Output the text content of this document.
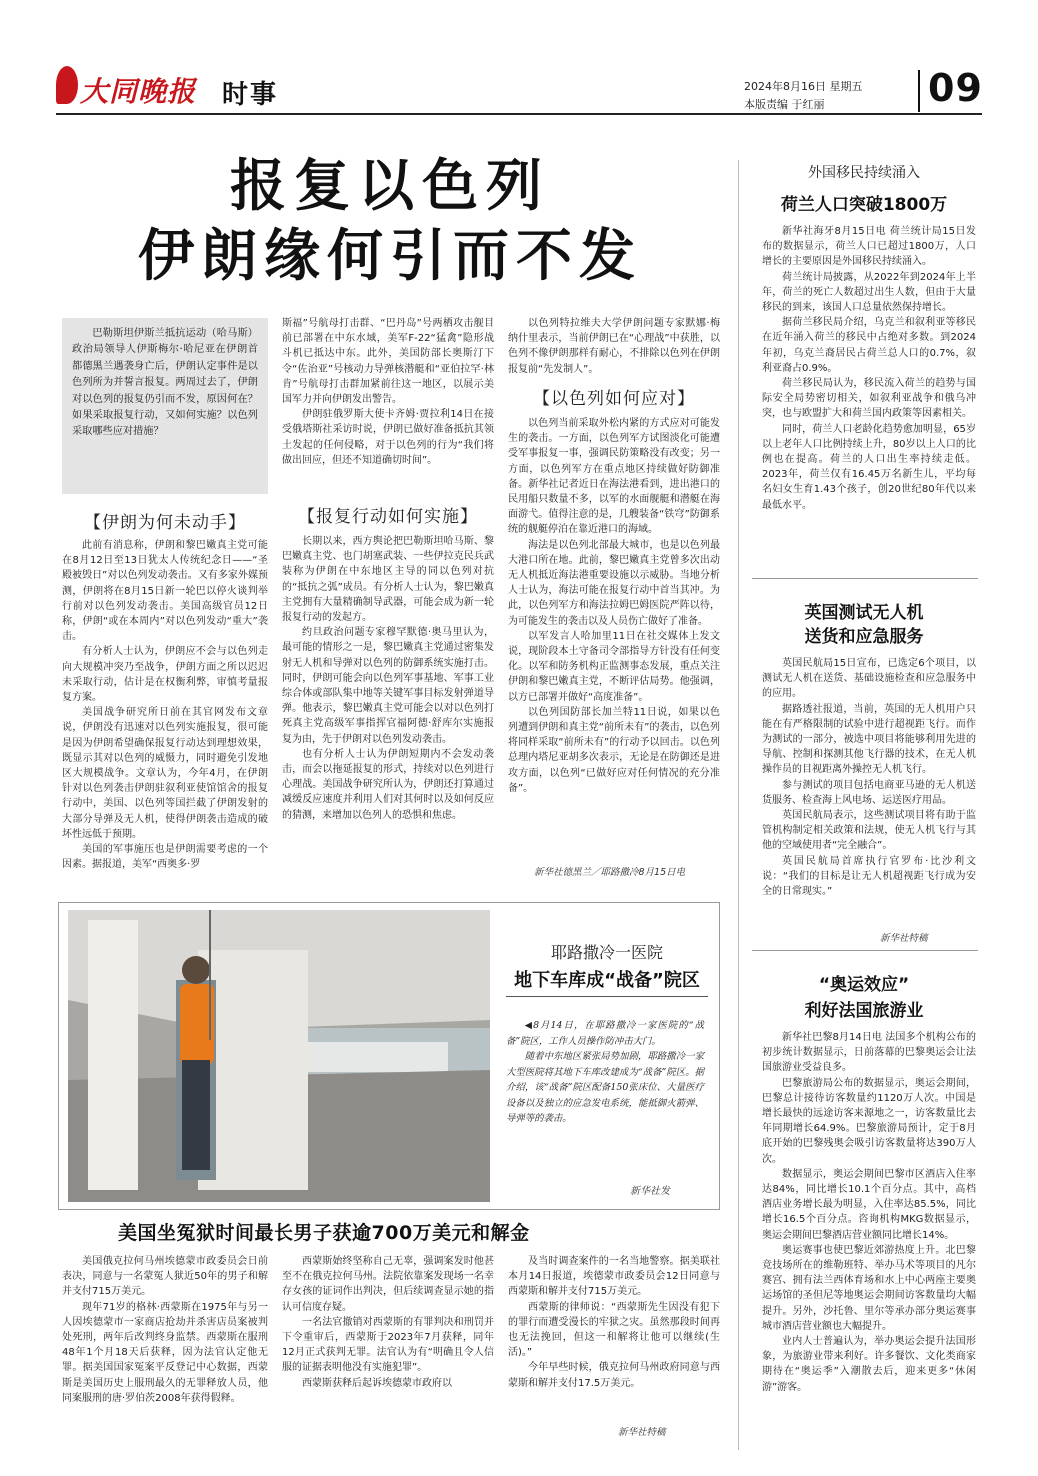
大同晚报 时事	2024年8月16日 星期五
本版责编 于红丽	09
报复以色列
伊朗缘何引而不发
巴勒斯坦伊斯兰抵抗运动（哈马斯）政治局领导人伊斯梅尔·哈尼亚在伊朗首都德黑兰遇袭身亡后，伊朗认定事件是以色列所为并誓言报复。两周过去了，伊朗对以色列的报复仍引而不发，原因何在？如果采取报复行动，又如何实施？以色列采取哪些应对措施？
【 伊朗为何未动手 】

此前有消息称，伊朗和黎巴嫩真主党可能在8月12日至13日犹太人传统纪念日——“圣殿被毁日”对以色列发动袭击。又有多家外媒预测，伊朗将在8月15日新一轮巴以停火谈判举行前对以色列发动袭击。美国高级官员12日称，伊朗“或在本周内”对以色列发动“重大”袭击。

有分析人士认为，伊朗应不会与以色列走向大规模冲突乃至战争，伊朗方面之所以迟迟未采取行动，估计是在权衡利弊，审慎考量报复方案。

美国战争研究所日前在其官网发布文章说，伊朗没有迅速对以色列实施报复，很可能是因为伊朗希望确保报复行动达到理想效果，既显示其对以色列的威慑力，同时避免引发地区大规模战争。文章认为，今年4月，在伊朗针对以色列袭击伊朗驻叙利亚使馆馆舍的报复行动中，美国、以色列等国拦截了伊朗发射的大部分导弹及无人机，使得伊朗袭击造成的破坏性远低于预期。

美国的军事施压也是伊朗需要考虑的一个因素。据报道，美军“西奥多·罗

斯福”号航母打击群、“巴丹岛”号两栖攻击舰目前已部署在中东水域，美军F-22“猛禽”隐形战斗机已抵达中东。此外，美国防部长奥斯汀下令“佐治亚”号核动力导弹核潜艇和“亚伯拉罕·林肯”号航母打击群加紧前往这一地区，以展示美国军力并向伊朗发出警告。

伊朗驻俄罗斯大使卡齐姆·贾拉利14日在接受俄塔斯社采访时说，伊朗已做好准备抵抗其领土发起的任何侵略，对于以色列的行为“我们将做出回应，但还不知道确切时间”。

【 报复行动如何实施 】

长期以来，西方舆论把巴勒斯坦哈马斯、黎巴嫩真主党、也门胡塞武装、一些伊拉克民兵武装称为伊朗在中东地区主导的同以色列对抗的“抵抗之弧”成员。有分析人士认为，黎巴嫩真主党拥有大量精确制导武器，可能会成为新一轮报复行动的发起方。

约旦政治问题专家穆罕默德·奥马里认为，最可能的情形之一是，黎巴嫩真主党通过密集发射无人机和导弹对以色列的防御系统实施打击。同时，伊朗可能会向以色列军事基地、军事工业综合体或部队集中地等关键军事目标发射弹道导弹。他表示，黎巴嫩真主党可能会以对以色列打死真主党高级军事指挥官福阿德·舒库尔实施报复为由，先于伊朗对以色列发动袭击。

也有分析人士认为伊朗短期内不会发动袭击，而会以拖延报复的形式，持续对以色列进行心理战。美国战争研究所认为，伊朗还打算通过减缓反应速度并利用人们对其何时以及如何反应的猜测，来增加以色列人的恐惧和焦虑。

以色列特拉维夫大学伊朗问题专家默娜·梅纳什里表示，当前伊朗已在“心理战”中获胜，以色列不像伊朗那样有耐心，不排除以色列在伊朗报复前“先发制人”。

【 以色列如何应对 】

以色列当前采取外松内紧的方式应对可能发生的袭击。一方面，以色列军方试图淡化可能遭受军事报复一事，强调民防策略没有改变；另一方面，以色列军方在重点地区持续做好防御准备。新华社记者近日在海法港看到，进出港口的民用船只数量不多，以军的水面舰艇和潜艇在海面游弋。值得注意的是，几艘装备“铁穹”防御系统的舰艇停泊在靠近港口的海域。

海法是以色列北部最大城市，也是以色列最大港口所在地。此前，黎巴嫩真主党曾多次出动无人机抵近海法港重要设施以示威胁。当地分析人士认为，海法可能在报复行动中首当其冲。为此，以色列军方和海法拉姆巴姆医院严阵以待，为可能发生的袭击以及人员伤亡做好了准备。

以军发言人哈加里11日在社交媒体上发文说，现阶段本土守备司令部指导方针没有任何变化。以军和防务机构正监测事态发展，重点关注伊朗和黎巴嫩真主党，不断评估局势。他强调，以方已部署并做好“高度准备”。

以色列国防部长加兰特11日说，如果以色列遭到伊朗和真主党“前所未有”的袭击，以色列将同样采取“前所未有”的行动予以回击。以色列总理内塔尼亚胡多次表示，无论是在防御还是进攻方面，以色列“已做好应对任何情况的充分准备”。

新华社德黑兰／耶路撒冷8月15日电
耶路撒冷一医院
地下车库成“战备”院区

◀8月14日，在耶路撒冷一家医院的“战备”院区，工作人员操作防冲击大门。

随着中东地区紧张局势加剧，耶路撒冷一家大型医院将其地下车库改建成为“战备”院区。据介绍，该“战备”院区配备150张床位、大量医疗设备以及独立的应急发电系统，能抵御火箭弹、导弹等的袭击。

新华社发
美国坐冤狱时间最长男子获逾700万美元和解金

美国俄克拉何马州埃德蒙市政委员会日前表决，同意与一名蒙冤人狱近50年的男子和解并支付715万美元。

现年71岁的格林·西蒙斯在1975年与另一人因埃德蒙市一家商店抢劫并杀害店员案被判处死刑，两年后改判终身监禁。西蒙斯在服刑48年1个月18天后获释，因为法官认定他无罪。据美国国家冤案平反登记中心数据，西蒙斯是美国历史上服刑最久的无罪释放人员，他同案服刑的唐·罗伯茨2008年获得假释。

西蒙斯始终坚称自己无辜，强调案发时他甚至不在俄克拉何马州。法院依靠案发现场一名幸存女孩的证词作出判决，但后续调查显示她的指认可信度存疑。

一名法官撤销对西蒙斯的有罪判决和刑罚并下令重审后，西蒙斯于2023年7月获释，同年12月正式获判无罪。法官认为有“明确且令人信服的证据表明他没有实施犯罪”。

西蒙斯获释后起诉埃德蒙市政府以

及当时调查案件的一名当地警察。据美联社本月14日报道，埃德蒙市政委员会12日同意与西蒙斯和解并支付715万美元。

西蒙斯的律师说：“西蒙斯先生因没有犯下的罪行而遭受漫长的牢狱之灾。虽然那段时间再也无法挽回，但这一和解将让他可以继续(生活)。”

今年早些时候，俄克拉何马州政府同意与西蒙斯和解并支付17.5万美元。

新华社特稿
外国移民持续涌入
荷兰人口突破1800万

新华社海牙8月15日电 荷兰统计局15日发布的数据显示，荷兰人口已超过1800万，人口增长的主要原因是外国移民持续涌入。

荷兰统计局披露，从2022年到2024年上半年，荷兰的死亡人数超过出生人数，但由于大量移民的到来，该国人口总量依然保持增长。

据荷兰移民局介绍，乌克兰和叙利亚等移民在近年涌入荷兰的移民中占绝对多数。到2024年初，乌克兰裔居民占荷兰总人口的0.7%，叙利亚裔占0.9%。

荷兰移民局认为，移民流入荷兰的趋势与国际安全局势密切相关，如叙利亚战争和俄乌冲突，也与欧盟扩大和荷兰国内政策等因素相关。

同时，荷兰人口老龄化趋势愈加明显，65岁以上老年人口比例持续上升，80岁以上人口的比例也在提高。荷兰的人口出生率持续走低。2023年，荷兰仅有16.45万名新生儿，平均每名妇女生育1.43个孩子，创20世纪80年代以来最低水平。

英国测试无人机
送货和应急服务

英国民航局15日宣布，已选定6个项目，以测试无人机在送货、基础设施检查和应急服务中的应用。

据路透社报道，当前，英国的无人机用户只能在有严格限制的试验中进行超视距飞行。而作为测试的一部分，被选中项目将能够利用先进的导航、控制和探测其他飞行器的技术，在无人机操作员的目视距离外操控无人机飞行。

参与测试的项目包括电商亚马逊的无人机送货服务、检查海上风电场、运送医疗用品。

英国民航局表示，这些测试项目将有助于监管机构制定相关政策和法规，使无人机飞行与其他的空域使用者“完全融合”。

英国民航局首席执行官罗布·比沙利文说：“我们的目标是让无人机超视距飞行成为安全的日常现实。”

新华社特稿
“奥运效应”
利好法国旅游业

新华社巴黎8月14日电 法国多个机构公布的初步统计数据显示，日前落幕的巴黎奥运会让法国旅游业受益良多。

巴黎旅游局公布的数据显示，奥运会期间，巴黎总计接待访客数量约1120万人次。中国是增长最快的远途访客来源地之一，访客数量比去年同期增长64.9%。巴黎旅游局预计，定于8月底开始的巴黎残奥会吸引访客数量将达390万人次。

数据显示，奥运会期间巴黎市区酒店入住率达84%，同比增长10.1个百分点。其中，高档酒店业务增长最为明显，入住率达85.5%，同比增长16.5个百分点。咨询机构MKG数据显示，奥运会期间巴黎酒店营业额同比增长14%。

奥运赛事也使巴黎近郊游热度上升。北巴黎竞技场所在的维勒班特、举办马术等项目的凡尔赛宫、拥有法兰西体育场和水上中心两座主要奥运场馆的圣但尼等地奥运会期间访客数量均大幅提升。另外，沙托鲁、里尔等承办部分奥运赛事城市酒店营业额也大幅提升。

业内人士普遍认为，举办奥运会提升法国形象，为旅游业带来利好。许多餐饮、文化类商家期待在“奥运季”入潮散去后，迎来更多“休闲游”游客。
